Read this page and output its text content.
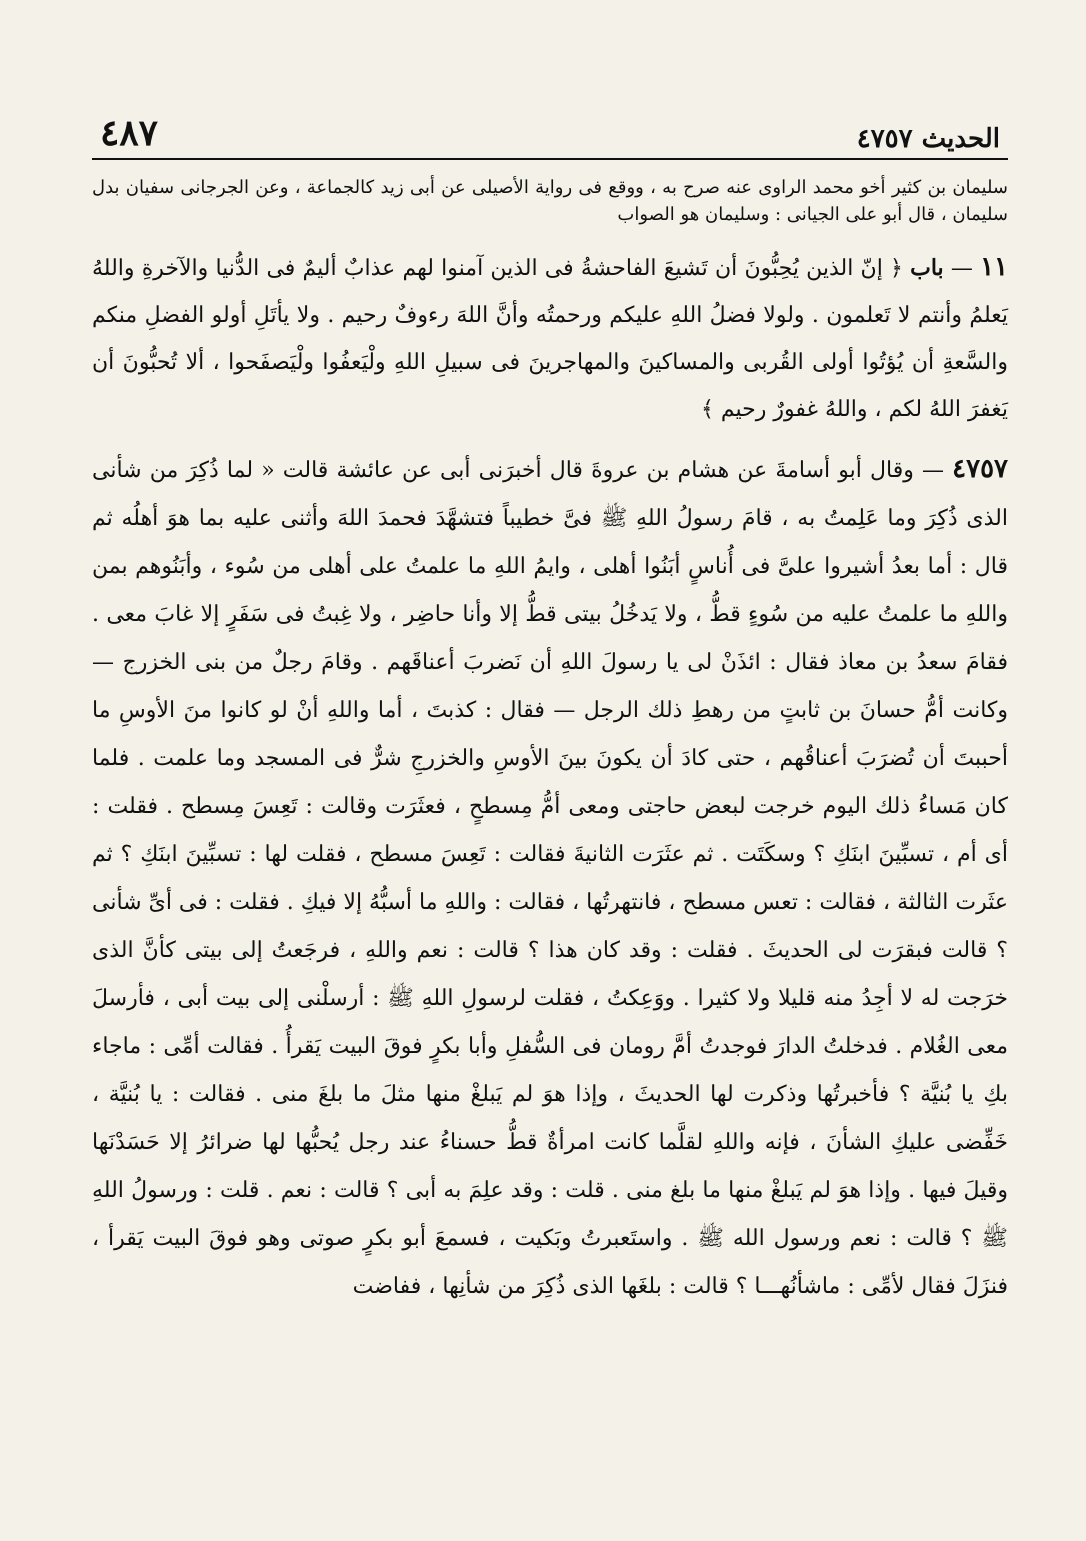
الحديث ٤٧٥٧
٤٨٧

سليمان بن كثير أخو محمد الراوى عنه صرح به ، ووقع فى رواية الأصيلى عن أبى زيد كالجماعة ، وعن الجرجانى سفيان بدل سليمان ، قال أبو على الجيانى : وسليمان هو الصواب

١١ — باب ﴿ إنّ الذين يُحِبُّونَ أن تَشيعَ الفاحشةُ فى الذين آمنوا لهم عذابٌ أليمٌ فى الدُّنيا والآخرةِ واللهُ يَعلمُ وأنتم لا تَعلمون . ولولا فضلُ اللهِ عليكم ورحمتُه وأنَّ اللهَ رءوفٌ رحيم . ولا يأتَلِ أولو الفضلِ منكم والسَّعةِ أن يُؤتُوا أولى القُربى والمساكينَ والمهاجرينَ فى سبيلِ اللهِ ولْيَعفُوا ولْيَصفَحوا ، ألا تُحبُّونَ أن يَغفرَ اللهُ لكم ، واللهُ غفورٌ رحيم ﴾

٤٧٥٧ — وقال أبو أسامةَ عن هشام بن عروةَ قال أخبرَنى أبى عن عائشة قالت « لما ذُكِرَ من شأنى الذى ذُكِرَ وما عَلِمتُ به ، قامَ رسولُ اللهِ ﷺ فىَّ خطيباً فتشهَّدَ فحمدَ اللهَ وأثنى عليه بما هوَ أهلُه ثم قال : أما بعدُ أشيروا علىَّ فى أُناسٍ أبَنُوا أهلى ، وايمُ اللهِ ما علمتُ على أهلى من سُوء ، وأبَنُوهم بمن واللهِ ما علمتُ عليه من سُوءٍ قطُّ ، ولا يَدخُلُ بيتى قطُّ إلا وأنا حاضِر ، ولا غِبتُ فى سَفَرٍ إلا غابَ معى . فقامَ سعدُ بن معاذ فقال : ائذَنْ لى يا رسولَ اللهِ أن نَضربَ أعناقَهم . وقامَ رجلٌ من بنى الخزرج — وكانت أمُّ حسانَ بن ثابتٍ من رهطِ ذلك الرجل — فقال : كذبتَ ، أما واللهِ أنْ لو كانوا منَ الأوسِ ما أحببتَ أن تُضرَبَ أعناقُهم ، حتى كادَ أن يكونَ بينَ الأوسِ والخزرجِ شرٌّ فى المسجد وما علمت . فلما كان مَساءُ ذلك اليوم خرجت لبعض حاجتى ومعى أمُّ مِسطحٍ ، فعثَرَت وقالت : تَعِسَ مِسطح . فقلت : أى أم ، تسبِّينَ ابنَكِ ؟ وسكَتَت . ثم عثَرَت الثانيةَ فقالت : تَعِسَ مسطح ، فقلت لها : تسبِّينَ ابنَكِ ؟ ثم عثَرت الثالثة ، فقالت : تعس مسطح ، فانتهرتُها ، فقالت : واللهِ ما أسبُّهُ إلا فيكِ . فقلت : فى أىِّ شأنى ؟ قالت فبقرَت لى الحديثَ . فقلت : وقد كان هذا ؟ قالت : نعم واللهِ ، فرجَعتُ إلى بيتى كأنَّ الذى خرَجت له لا أجِدُ منه قليلا ولا كثيرا . ووَعِكتُ ، فقلت لرسولِ اللهِ ﷺ : أرسلْنى إلى بيت أبى ، فأرسلَ معى الغُلام . فدخلتُ الدارَ فوجدتُ أمَّ رومان فى السُّفلِ وأبا بكرٍ فوقَ البيت يَقرأُ . فقالت أمِّى : ماجاء بكِ يا بُنيَّة ؟ فأخبرتُها وذكرت لها الحديثَ ، وإذا هوَ لم يَبلغْ منها مثلَ ما بلغَ منى . فقالت : يا بُنيَّة ، خَفِّضى عليكِ الشأنَ ، فإنه واللهِ لقلَّما كانت امرأةٌ قطُّ حسناءُ عند رجل يُحبُّها لها ضرائرُ إلا حَسَدْنَها وقيلَ فيها . وإذا هوَ لم يَبلغْ منها ما بلغ منى . قلت : وقد علِمَ به أبى ؟ قالت : نعم . قلت : ورسولُ اللهِ ﷺ ؟ قالت : نعم ورسول الله ﷺ . واستَعبرتُ وبَكيت ، فسمعَ أبو بكرٍ صوتى وهو فوقَ البيت يَقرأ ، فنزَلَ فقال لأمِّى : ماشأنُهـــا ؟ قالت : بلغَها الذى ذُكِرَ من شأنِها ، ففاضت
